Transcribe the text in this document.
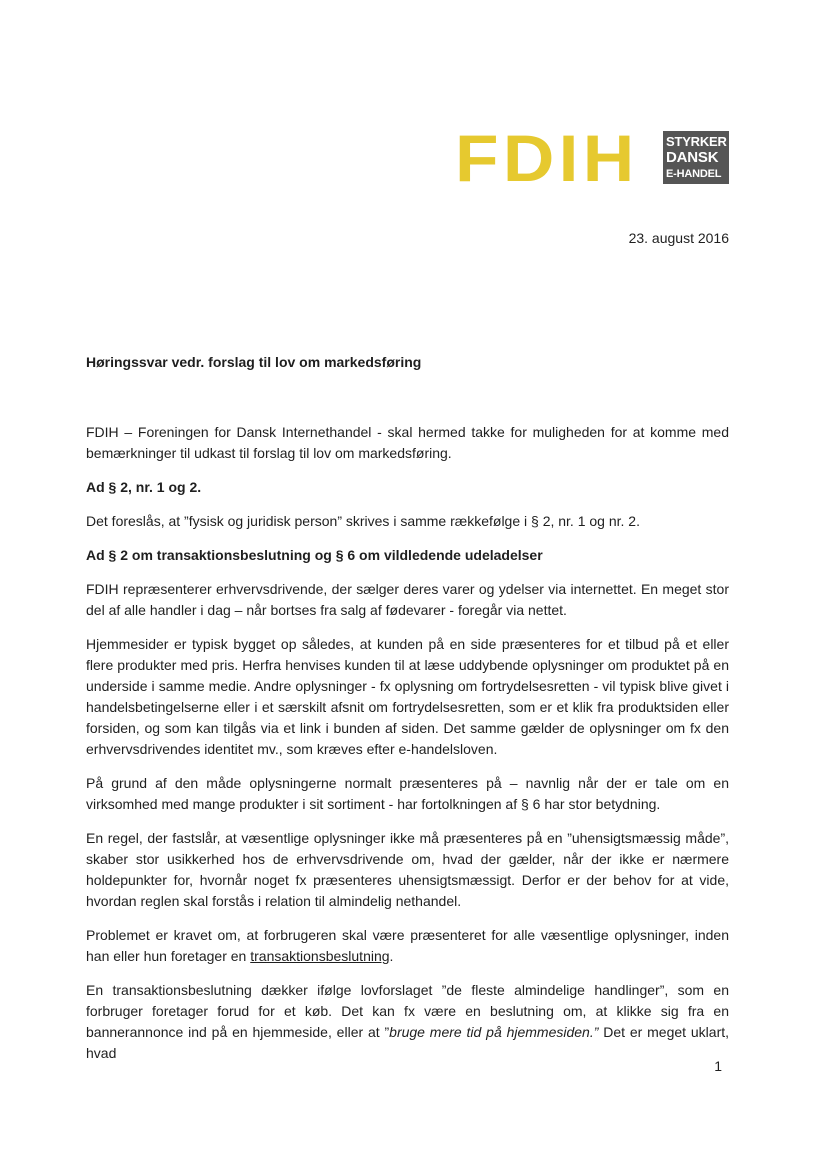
FDIH STYRKER
DANSK
E-HANDEL
23. august 2016
Høringssvar vedr. forslag til lov om markedsføring

FDIH – Foreningen for Dansk Internethandel - skal hermed takke for muligheden for at komme med bemærkninger til udkast til forslag til lov om markedsføring.

Ad § 2, nr. 1 og 2.

Det foreslås, at ”fysisk og juridisk person” skrives i samme rækkefølge i § 2, nr. 1 og nr. 2.

Ad § 2 om transaktionsbeslutning og § 6 om vildledende udeladelser

FDIH repræsenterer erhvervsdrivende, der sælger deres varer og ydelser via internettet. En meget stor del af alle handler i dag – når bortses fra salg af fødevarer - foregår via nettet.

Hjemmesider er typisk bygget op således, at kunden på en side præsenteres for et tilbud på et eller flere produkter med pris. Herfra henvises kunden til at læse uddybende oplysninger om produktet på en underside i samme medie. Andre oplysninger - fx oplysning om fortrydelsesretten - vil typisk blive givet i handelsbetingelserne eller i et særskilt afsnit om fortrydelsesretten, som er et klik fra produktsiden eller forsiden, og som kan tilgås via et link i bunden af siden. Det samme gælder de oplysninger om fx den erhvervsdrivendes identitet mv., som kræves efter e-handelsloven.

På grund af den måde oplysningerne normalt præsenteres på – navnlig når der er tale om en virksomhed med mange produkter i sit sortiment - har fortolkningen af § 6 har stor betydning.

En regel, der fastslår, at væsentlige oplysninger ikke må præsenteres på en ”uhensigtsmæssig måde”, skaber stor usikkerhed hos de erhvervsdrivende om, hvad der gælder, når der ikke er nærmere holdepunkter for, hvornår noget fx præsenteres uhensigtsmæssigt. Derfor er der behov for at vide, hvordan reglen skal forstås i relation til almindelig nethandel.

Problemet er kravet om, at forbrugeren skal være præsenteret for alle væsentlige oplysninger, inden han eller hun foretager en transaktionsbeslutning.

En transaktionsbeslutning dækker ifølge lovforslaget ”de fleste almindelige handlinger”, som en forbruger foretager forud for et køb. Det kan fx være en beslutning om, at klikke sig fra en bannerannonce ind på en hjemmeside, eller at ”bruge mere tid på hjemmesiden.” Det er meget uklart, hvad

1
